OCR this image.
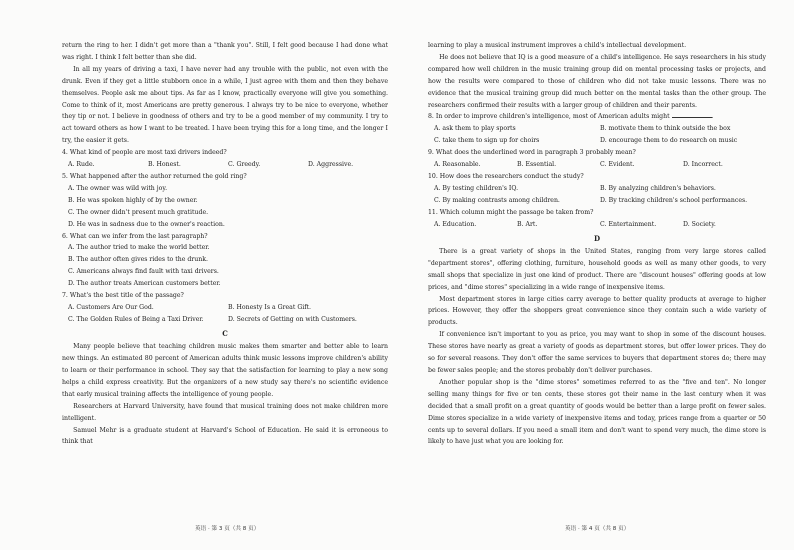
return the ring to her. I didn't get more than a "thank you". Still, I felt good because I had done what was right. I think I felt better than she did.

In all my years of driving a taxi, I have never had any trouble with the public, not even with the drunk. Even if they get a little stubborn once in a while, I just agree with them and then they behave themselves. People ask me about tips. As far as I know, practically everyone will give you something. Come to think of it, most Americans are pretty generous. I always try to be nice to everyone, whether they tip or not. I believe in goodness of others and try to be a good member of my community. I try to act toward others as how I want to be treated. I have been trying this for a long time, and the longer I try, the easier it gets.

4. What kind of people are most taxi drivers indeed?

A. Rude.	B. Honest.	C. Greedy.	D. Aggressive.

5. What happened after the author returned the gold ring?

A. The owner was wild with joy.
B. He was spoken highly of by the owner.
C. The owner didn't present much gratitude.
D. He was in sadness due to the owner's reaction.

6. What can we infer from the last paragraph?

A. The author tried to make the world better.
B. The author often gives rides to the drunk.
C. Americans always find fault with taxi drivers.
D. The author treats American customers better.

7. What's the best title of the passage?

A. Customers Are Our God.	B. Honesty Is a Great Gift.
C. The Golden Rules of Being a Taxi Driver.	D. Secrets of Getting on with Customers.
C

Many people believe that teaching children music makes them smarter and better able to learn new things. An estimated 80 percent of American adults think music lessons improve children's ability to learn or their performance in school. They say that the satisfaction for learning to play a new song helps a child express creativity. But the organizers of a new study say there's no scientific evidence that early musical training affects the intelligence of young people.

Researchers at Harvard University, have found that musical training does not make children more intelligent.

Samuel Mehr is a graduate student at Harvard's School of Education. He said it is erroneous to think that

英语 · 第 3 页（共 8 页）

learning to play a musical instrument improves a child's intellectual development.

He does not believe that IQ is a good measure of a child's intelligence. He says researchers in his study compared how well children in the music training group did on mental processing tasks or projects, and how the results were compared to those of children who did not take music lessons. There was no evidence that the musical training group did much better on the mental tasks than the other group. The researchers confirmed their results with a larger group of children and their parents.

8. In order to improve children's intelligence, most of American adults might	.

A. ask them to play sports	B. motivate them to think outside the box
C. take them to sign up for choirs	D. encourage them to do research on music

9. What does the underlined word in paragraph 3 probably mean?

A. Reasonable.	B. Essential.	C. Evident.	D. Incorrect.

10. How does the researchers conduct the study?

A. By testing children's IQ.	B. By analyzing children's behaviors.
C. By making contrasts among children.	D. By tracking children's school performances.

11. Which column might the passage be taken from?

A. Education.	B. Art.	C. Entertainment.	D. Society.
D

There is a great variety of shops in the United States, ranging from very large stores called "department stores", offering clothing, furniture, household goods as well as many other goods, to very small shops that specialize in just one kind of product. There are "discount houses" offering goods at low prices, and "dime stores" specializing in a wide range of inexpensive items.

Most department stores in large cities carry average to better quality products at average to higher prices. However, they offer the shoppers great convenience since they contain such a wide variety of products.

If convenience isn't important to you as price, you may want to shop in some of the discount houses. These stores have nearly as great a variety of goods as department stores, but offer lower prices. They do so for several reasons. They don't offer the same services to buyers that department stores do; there may be fewer sales people; and the stores probably don't deliver purchases.

Another popular shop is the "dime stores" sometimes referred to as the "five and ten". No longer selling many things for five or ten cents, these stores got their name in the last century when it was decided that a small profit on a great quantity of goods would be better than a large profit on fewer sales. Dime stores specialize in a wide variety of inexpensive items and today, prices range from a quarter or 50 cents up to several dollars. If you need a small item and don't want to spend very much, the dime store is likely to have just what you are looking for.

英语 · 第 4 页（共 8 页）
